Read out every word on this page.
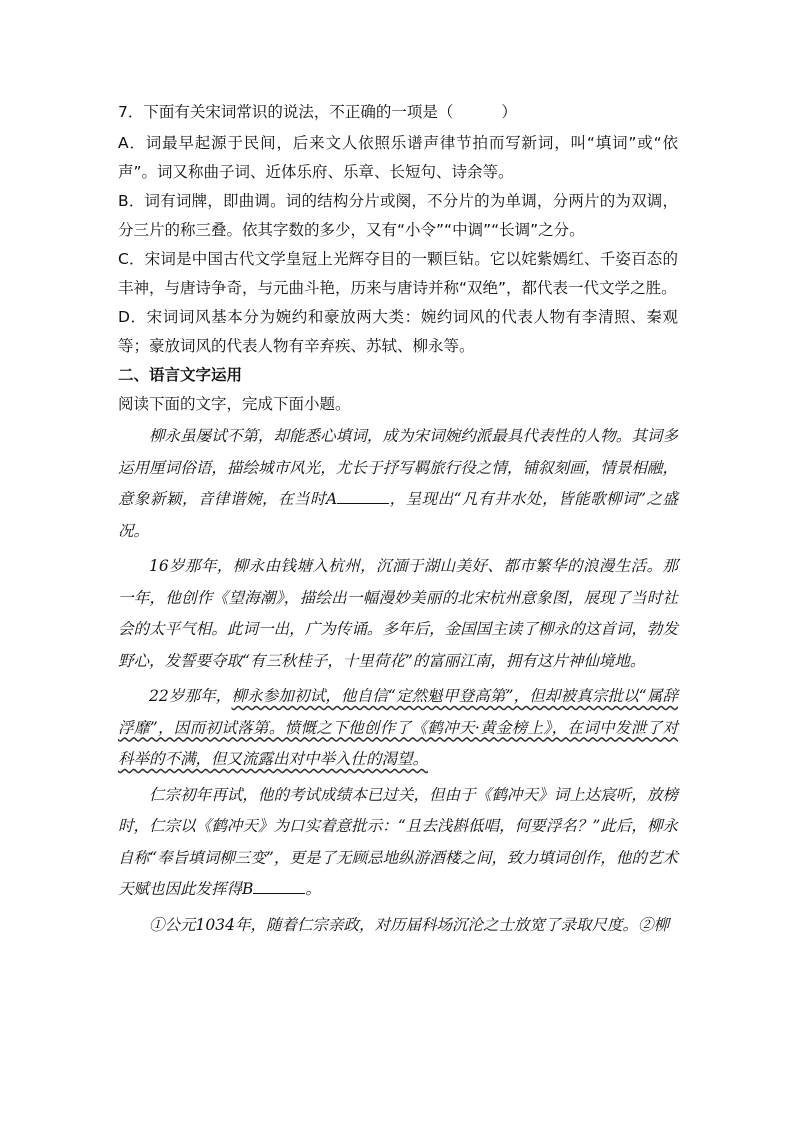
7．下面有关宋词常识的说法，不正确的一项是（	）

A．词最早起源于民间，后来文人依照乐谱声律节拍而写新词，叫“填词”或“依声”。词又称曲子词、近体乐府、乐章、长短句、诗余等。

B．词有词牌，即曲调。词的结构分片或阕，不分片的为单调，分两片的为双调，分三片的称三叠。依其字数的多少，又有“小令”“中调”“长调”之分。

C．宋词是中国古代文学皇冠上光辉夺目的一颗巨钻。它以姹紫嫣红、千姿百态的丰神，与唐诗争奇，与元曲斗艳，历来与唐诗并称“双绝”，都代表一代文学之胜。

D．宋词词风基本分为婉约和豪放两大类：婉约词风的代表人物有李清照、秦观等；豪放词风的代表人物有辛弃疾、苏轼、柳永等。

二、语言文字运用

阅读下面的文字，完成下面小题。

柳永虽屡试不第，却能悉心填词，成为宋词婉约派最具代表性的人物。其词多运用厘词俗语，描绘城市风光，尤长于抒写羁旅行役之情，铺叙刻画，情景相融，意象新颖，音律谐婉，在当时A	，呈现出“凡有井水处，皆能歌柳词”之盛况。

16岁那年，柳永由钱塘入杭州，沉湎于湖山美好、都市繁华的浪漫生活。那一年，他创作《望海潮》，描绘出一幅漫妙美丽的北宋杭州意象图，展现了当时社会的太平气相。此词一出，广为传诵。多年后，金国国主读了柳永的这首词，勃发野心，发誓要夺取“有三秋桂子，十里荷花”的富丽江南，拥有这片神仙境地。

22岁那年，柳永参加初试，他自信“定然魁甲登高第”，但却被真宗批以“属辞浮靡”，因而初试落第。愤慨之下他创作了《鹤冲天·黄金榜上》，在词中发泄了对科举的不满，但又流露出对中举入仕的渴望。

仁宗初年再试，他的考试成绩本已过关，但由于《鹤冲天》词上达宸听，放榜时，仁宗以《鹤冲天》为口实着意批示：“且去浅斟低唱，何要浮名？”此后，柳永自称“奉旨填词柳三变”，更是了无顾忌地纵游酒楼之间，致力填词创作，他的艺术天赋也因此发挥得B	。

①公元1034年，随着仁宗亲政，对历届科场沉沦之士放宽了录取尺度。②柳
